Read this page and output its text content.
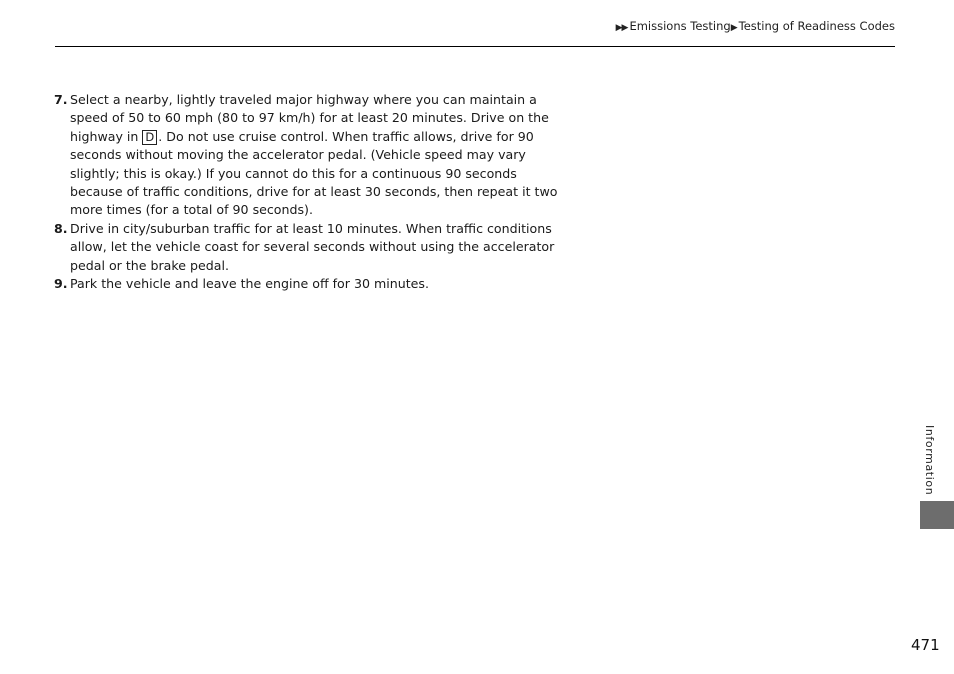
▶▶ Emissions Testing▶ Testing of Readiness Codes
7. Select a nearby, lightly traveled major highway where you can maintain a speed of 50 to 60 mph (80 to 97 km/h) for at least 20 minutes. Drive on the highway in D . Do not use cruise control. When traffic allows, drive for 90 seconds without moving the accelerator pedal. (Vehicle speed may vary slightly; this is okay.) If you cannot do this for a continuous 90 seconds because of traffic conditions, drive for at least 30 seconds, then repeat it two more times (for a total of 90 seconds).
8. Drive in city/suburban traffic for at least 10 minutes. When traffic conditions allow, let the vehicle coast for several seconds without using the accelerator pedal or the brake pedal.
9. Park the vehicle and leave the engine off for 30 minutes.
Information
471
